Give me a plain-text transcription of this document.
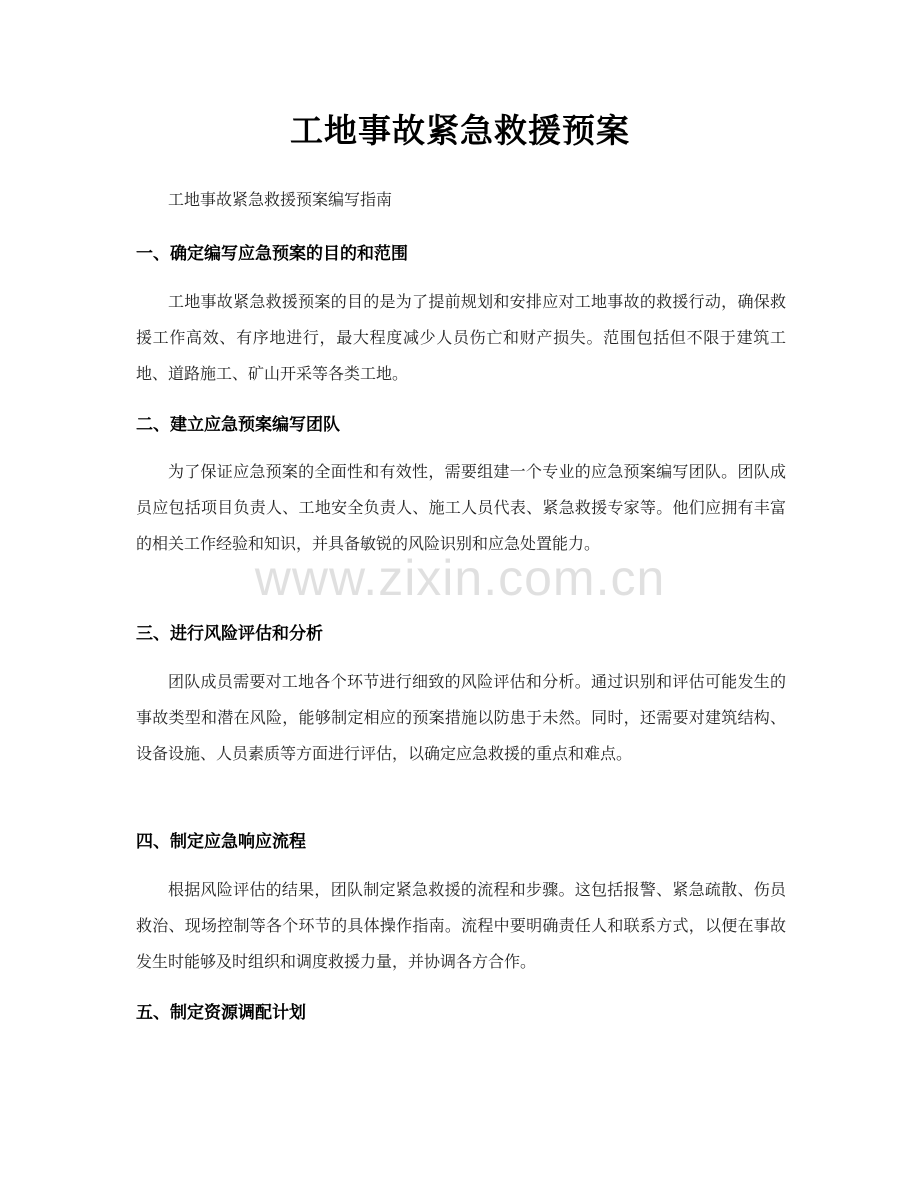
工地事故紧急救援预案
工地事故紧急救援预案编写指南
一、确定编写应急预案的目的和范围
工地事故紧急救援预案的目的是为了提前规划和安排应对工地事故的救援行动，确保救援工作高效、有序地进行，最大程度减少人员伤亡和财产损失。范围包括但不限于建筑工地、道路施工、矿山开采等各类工地。
二、建立应急预案编写团队
为了保证应急预案的全面性和有效性，需要组建一个专业的应急预案编写团队。团队成员应包括项目负责人、工地安全负责人、施工人员代表、紧急救援专家等。他们应拥有丰富的相关工作经验和知识，并具备敏锐的风险识别和应急处置能力。
三、进行风险评估和分析
团队成员需要对工地各个环节进行细致的风险评估和分析。通过识别和评估可能发生的事故类型和潜在风险，能够制定相应的预案措施以防患于未然。同时，还需要对建筑结构、设备设施、人员素质等方面进行评估，以确定应急救援的重点和难点。
四、制定应急响应流程
根据风险评估的结果，团队制定紧急救援的流程和步骤。这包括报警、紧急疏散、伤员救治、现场控制等各个环节的具体操作指南。流程中要明确责任人和联系方式，以便在事故发生时能够及时组织和调度救援力量，并协调各方合作。
五、制定资源调配计划
www.zixin.com.cn
